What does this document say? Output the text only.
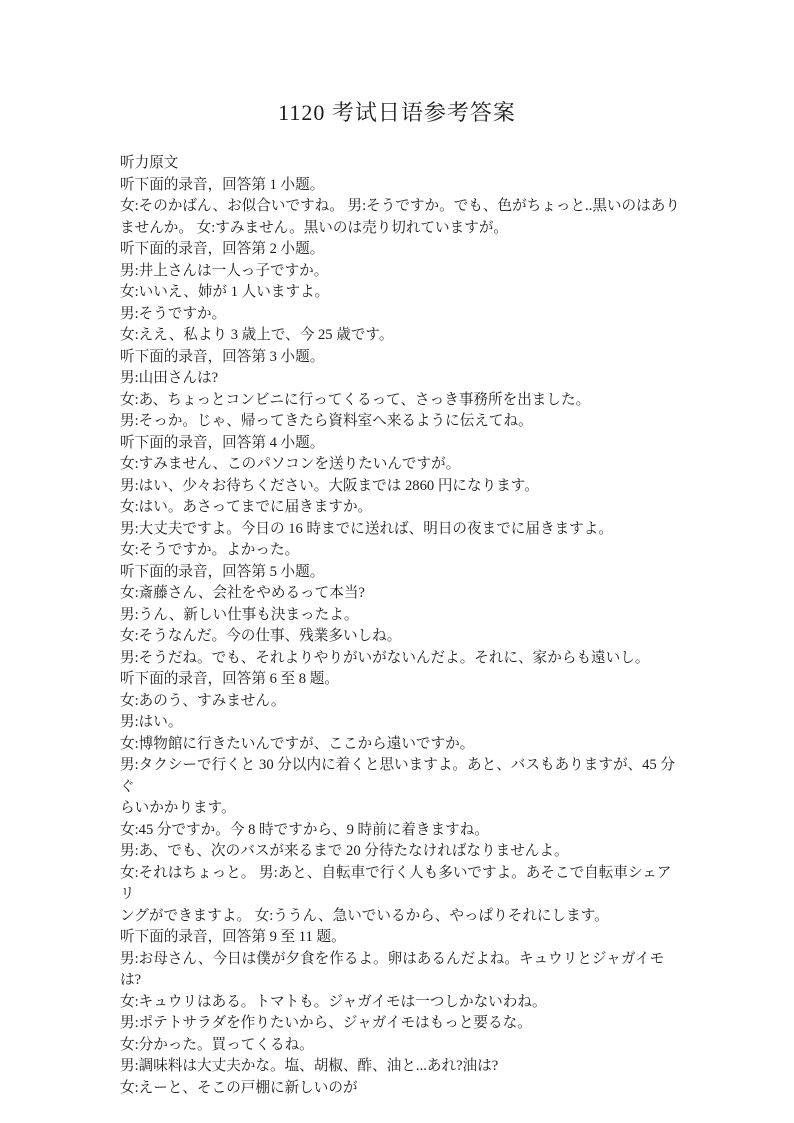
1120 考试日语参考答案

听力原文

听下面的录音，回答第 1 小题。

女:そのかばん、お似合いですね。 男:そうですか。でも、色がちょっと..黒いのはあり

ませんか。 女:すみません。黒いのは売り切れていますが。

听下面的录音，回答第 2 小题。

男:井上さんは一人っ子ですか。

女:いいえ、姉が 1 人いますよ。

男:そうですか。

女:ええ、私より 3 歳上で、今 25 歳です。

听下面的录音，回答第 3 小题。

男:山田さんは?

女:あ、ちょっとコンビニに行ってくるって、さっき事務所を出ました。

男:そっか。じゃ、帰ってきたら資料室へ来るように伝えてね。

听下面的录音，回答第 4 小题。

女:すみません、このパソコンを送りたいんですが。

男:はい、少々お待ちください。大阪までは 2860 円になります。

女:はい。あさってまでに届きますか。

男:大丈夫ですよ。今日の 16 時までに送れば、明日の夜までに届きますよ。

女:そうですか。よかった。

听下面的录音，回答第 5 小题。

女:斎藤さん、会社をやめるって本当?

男:うん、新しい仕事も決まったよ。

女:そうなんだ。今の仕事、残業多いしね。

男:そうだね。でも、それよりやりがいがないんだよ。それに、家からも遠いし。

听下面的录音，回答第 6 至 8 题。

女:あのう、すみません。

男:はい。

女:博物館に行きたいんですが、ここから遠いですか。

男:タクシーで行くと 30 分以内に着くと思いますよ。あと、バスもありますが、45 分ぐ

らいかかります。

女:45 分ですか。今 8 時ですから、9 時前に着きますね。

男:あ、でも、次のバスが来るまで 20 分待たなければなりませんよ。

女:それはちょっと。 男:あと、自転車で行く人も多いですよ。あそこで自転車シェアリ

ングができますよ。 女:ううん、急いでいるから、やっぱりそれにします。

听下面的录音，回答第 9 至 11 题。

男:お母さん、今日は僕が夕食を作るよ。卵はあるんだよね。キュウリとジャガイモは?

女:キュウリはある。トマトも。ジャガイモは一つしかないわね。

男:ポテトサラダを作りたいから、ジャガイモはもっと要るな。

女:分かった。買ってくるね。

男:調味料は大丈夫かな。塩、胡椒、酢、油と...あれ?油は?

女:えーと、そこの戸棚に新しいのが
